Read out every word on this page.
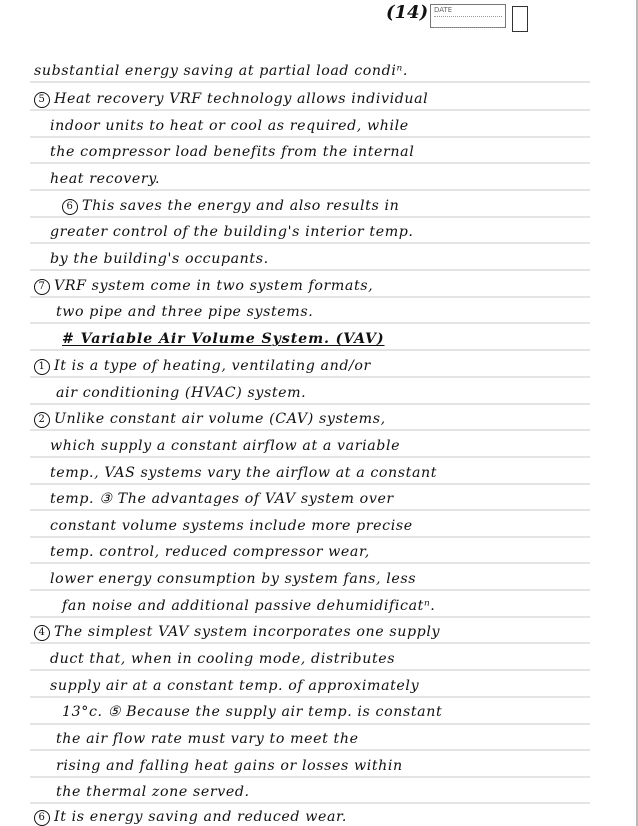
(14) DATE
substantial energy saving at partial load condiⁿ.
5 Heat recovery VRF technology allows individual
indoor units to heat or cool as required, while
the compressor load benefits from the internal
heat recovery.
6 This saves the energy and also results in
greater control of the building's interior temp.
by the building's occupants.
7 VRF system come in two system formats,
two pipe and three pipe systems.
# Variable Air Volume System. (VAV)
1 It is a type of heating, ventilating and/or
air conditioning (HVAC) system.
2 Unlike constant air volume (CAV) systems,
which supply a constant airflow at a variable
temp., VAS systems vary the airflow at a constant
temp. ③ The advantages of VAV system over
constant volume systems include more precise
temp. control, reduced compressor wear,
lower energy consumption by system fans, less
fan noise and additional passive dehumidificatⁿ.
4 The simplest VAV system incorporates one supply
duct that, when in cooling mode, distributes
supply air at a constant temp. of approximately
13°c. ⑤ Because the supply air temp. is constant
the air flow rate must vary to meet the
rising and falling heat gains or losses within
the thermal zone served.
6 It is energy saving and reduced wear.
